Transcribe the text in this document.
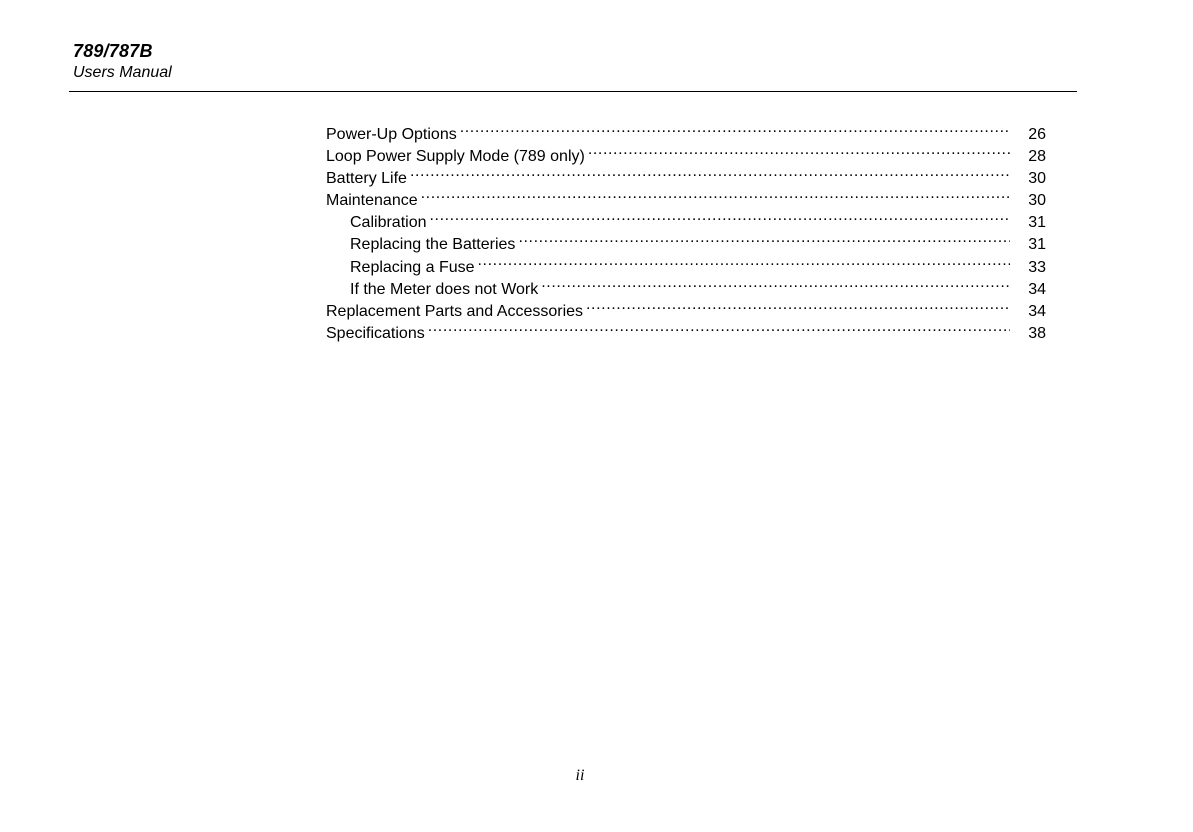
789/787B
Users Manual
Power-Up Options .....	26
Loop Power Supply Mode (789 only) .....	28
Battery Life .....	30
Maintenance .....	30
Calibration .....	31
Replacing the Batteries .....	31
Replacing a Fuse .....	33
If the Meter does not Work .....	34
Replacement Parts and Accessories .....	34
Specifications .....	38
ii
